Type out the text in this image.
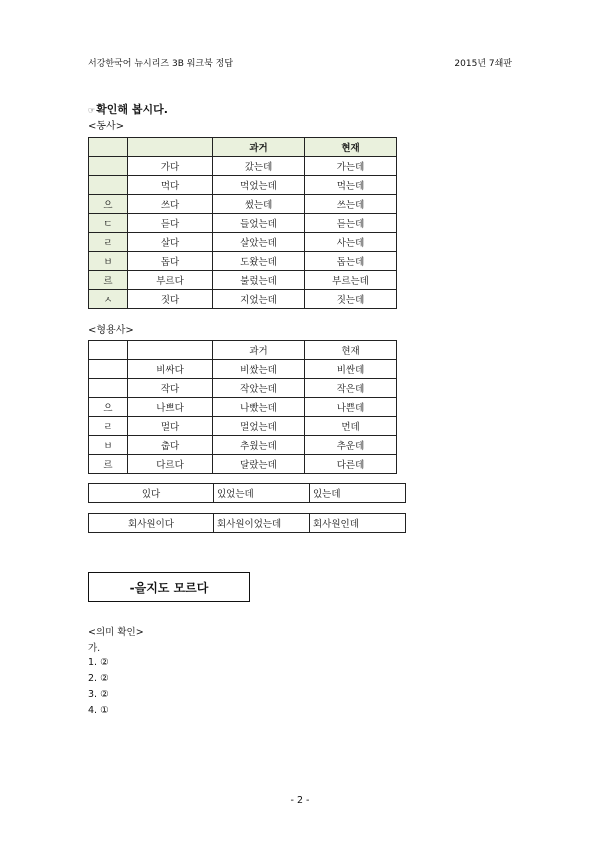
서강한국어 뉴시리즈 3B 워크북 정답	2015년 7쇄판
☞확인해 봅시다.
<동사>
		과거	현재
	가다	갔는데	가는데
	먹다	먹었는데	먹는데
으	쓰다	썼는데	쓰는데
ㄷ	듣다	들었는데	듣는데
ㄹ	살다	살았는데	사는데
ㅂ	돕다	도왔는데	돕는데
르	부르다	불렀는데	부르는데
ㅅ	짓다	지었는데	짓는데
<형용사>
		과거	현재
	비싸다	비쌌는데	비싼데
	작다	작았는데	작은데
으	나쁘다	나빴는데	나쁜데
ㄹ	멀다	멀었는데	먼데
ㅂ	춥다	추웠는데	추운데
르	다르다	달랐는데	다른데
있다	있었는데	있는데
회사원이다	회사원이었는데	회사원인데
-을지도 모르다
<의미 확인>
가.
1. ②
2. ②
3. ②
4. ①
- 2 -
